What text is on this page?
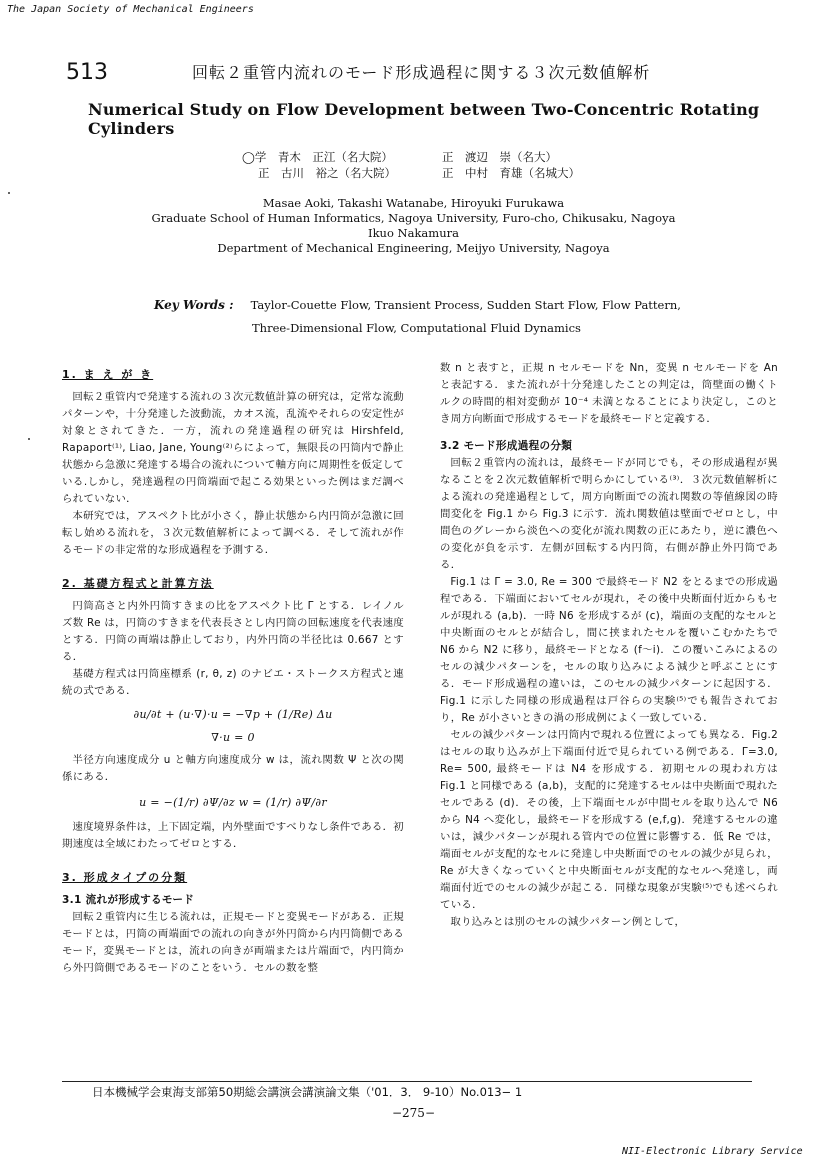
The Japan Society of Mechanical Engineers
513	回転２重管内流れのモード形成過程に関する３次元数値解析
Numerical Study on Flow Development between Two-Concentric Rotating Cylinders
◯学　青木　正江（名大院）	正　渡辺　崇（名大）
正　古川　裕之（名大院）	正　中村　育雄（名城大）
Masae Aoki, Takashi Watanabe, Hiroyuki Furukawa
Graduate School of Human Informatics, Nagoya University, Furo-cho, Chikusaku, Nagoya
Ikuo Nakamura
Department of Mechanical Engineering, Meijyo University, Nagoya
Key Words : Taylor-Couette Flow, Transient Process, Sudden Start Flow, Flow Pattern,
Three-Dimensional Flow, Computational Fluid Dynamics
1. ま え が き

回転２重管内で発達する流れの３次元数値計算の研究は，定常な流動パターンや，十分発達した波動流，カオス流，乱流やそれらの安定性が対象とされてきた．一方，流れの発達過程の研究は Hirshfeld, Rapaport⁽¹⁾, Liao, Jane, Young⁽²⁾らによって，無限長の円筒内で静止状態から急激に発達する場合の流れについて軸方向に周期性を仮定している.しかし，発達過程の円筒端面で起こる効果といった例はまだ調べられていない．

本研究では，アスペクト比が小さく，静止状態から内円筒が急激に回転し始める流れを，３次元数値解析によって調べる．そして流れが作るモードの非定常的な形成過程を予測する．

2. 基礎方程式と計算方法

円筒高さと内外円筒すきまの比をアスペクト比 Γ とする．レイノルズ数 Re は，円筒のすきまを代表長さとし内円筒の回転速度を代表速度とする．円筒の両端は静止しており，内外円筒の半径比は 0.667 とする．

基礎方程式は円筒座標系 (r, θ, z) のナビエ・ストークス方程式と連続の式である．

∂u/∂t + (u·∇)·u = −∇p + (1/Re) Δu
∇·u = 0

半径方向速度成分 u と軸方向速度成分 w は，流れ関数 Ψ と次の関係にある．

u = −(1/r) ∂Ψ/∂z w = (1/r) ∂Ψ/∂r

速度境界条件は，上下固定端，内外壁面ですべりなし条件である．初期速度は全域にわたってゼロとする．

3. 形成タイプの分類
3.1 流れが形成するモード

回転２重管内に生じる流れは，正規モードと変異モードがある．正規モードとは，円筒の両端面での流れの向きが外円筒から内円筒側であるモード，変異モードとは，流れの向きが両端または片端面で，内円筒から外円筒側であるモードのことをいう．セルの数を整

数 n と表すと，正規 n セルモードを Nn，変異 n セルモードを An と表記する．また流れが十分発達したことの判定は，筒壁面の働くトルクの時間的相対変動が 10⁻⁴ 未満となることにより決定し，このとき周方向断面で形成するモードを最終モードと定義する．

3.2 モード形成過程の分類

回転２重管内の流れは，最終モードが同じでも，その形成過程が異なることを２次元数値解析で明らかにしている⁽³⁾．３次元数値解析による流れの発達過程として，周方向断面での流れ関数の等値線図の時間変化を Fig.1 から Fig.3 に示す．流れ関数値は壁面でゼロとし，中間色のグレーから淡色への変化が流れ関数の正にあたり，逆に濃色への変化が負を示す．左側が回転する内円筒，右側が静止外円筒である．

Fig.1 は Γ = 3.0, Re = 300 で最終モード N2 をとるまでの形成過程である．下端面においてセルが現れ，その後中央断面付近からもセルが現れる (a,b)．一時 N6 を形成するが (c)，端面の支配的なセルと中央断面のセルとが結合し，間に挟まれたセルを覆いこむかたちで N6 から N2 に移り，最終モードとなる (f〜i)．この覆いこみによるのセルの減少パターンを，セルの取り込みによる減少と呼ぶことにする．モード形成過程の違いは，このセルの減少パターンに起因する．Fig.1 に示した同様の形成過程は戸谷らの実験⁽⁵⁾でも報告されており，Re が小さいときの渦の形成例によく一致している．

セルの減少パターンは円筒内で現れる位置によっても異なる．Fig.2 はセルの取り込みが上下端面付近で見られている例である．Γ=3.0, Re= 500, 最終モードは N4 を形成する．初期セルの現われ方は Fig.1 と同様である (a,b)，支配的に発達するセルは中央断面で現れたセルである (d)．その後，上下端面セルが中間セルを取り込んで N6 から N4 へ変化し，最終モードを形成する (e,f,g)．発達するセルの違いは，減少パターンが現れる管内での位置に影響する．低 Re では，端面セルが支配的なセルに発達し中央断面でのセルの減少が見られ，Re が大きくなっていくと中央断面セルが支配的なセルへ発達し，両端面付近でのセルの減少が起こる．同様な現象が実験⁽⁵⁾でも述べられている．

取り込みとは別のセルの減少パターン例として，

日本機械学会東海支部第50期総会講演会講演論文集（'01．3． 9-10）No.013− 1
−275−
NII-Electronic Library Service
